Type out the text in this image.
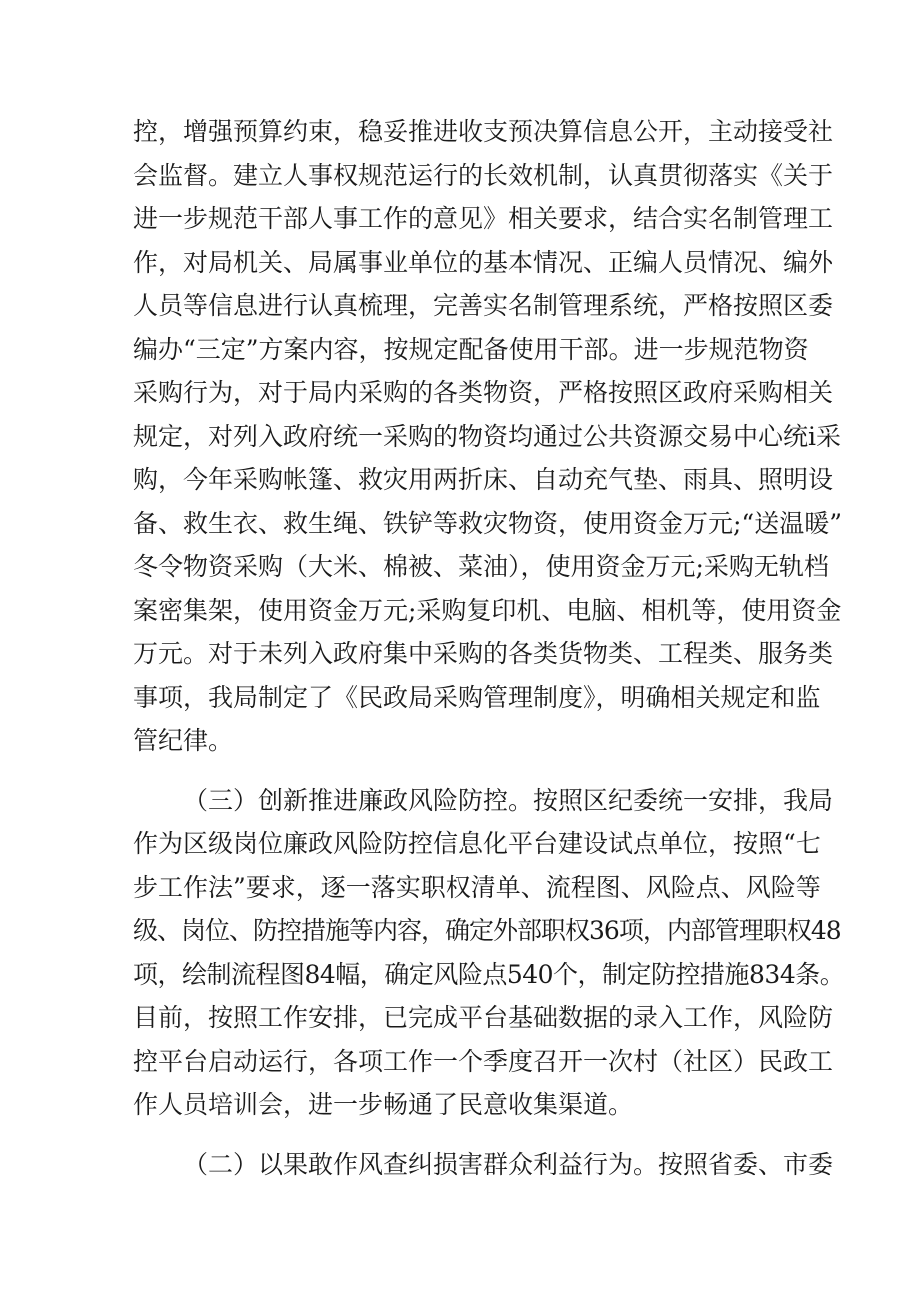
控，增强预算约束，稳妥推进收支预决算信息公开，主动接受社
会监督。建立人事权规范运行的长效机制，认真贯彻落实《关于
进一步规范干部人事工作的意见》相关要求，结合实名制管理工
作，对局机关、局属事业单位的基本情况、正编人员情况、编外
人员等信息进行认真梳理，完善实名制管理系统，严格按照区委
编办“三定”方案内容，按规定配备使用干部。进一步规范物资
采购行为，对于局内采购的各类物资，严格按照区政府采购相关
规定，对列入政府统一采购的物资均通过公共资源交易中心统i采
购，今年采购帐篷、救灾用两折床、自动充气垫、雨具、照明设
备、救生衣、救生绳、铁铲等救灾物资，使用资金万元;“送温暖”
冬令物资采购（大米、棉被、菜油），使用资金万元;采购无轨档
案密集架，使用资金万元;采购复印机、电脑、相机等，使用资金
万元。对于未列入政府集中采购的各类货物类、工程类、服务类
事项，我局制定了《民政局采购管理制度》，明确相关规定和监
管纪律。
（三）创新推进廉政风险防控。按照区纪委统一安排，我局
作为区级岗位廉政风险防控信息化平台建设试点单位，按照“七
步工作法”要求，逐一落实职权清单、流程图、风险点、风险等
级、岗位、防控措施等内容，确定外部职权36项，内部管理职权48
项，绘制流程图84幅，确定风险点540个，制定防控措施834条。
目前，按照工作安排，已完成平台基础数据的录入工作，风险防
控平台启动运行，各项工作一个季度召开一次村（社区）民政工
作人员培训会，进一步畅通了民意收集渠道。
（二）以果敢作风查纠损害群众利益行为。按照省委、市委
